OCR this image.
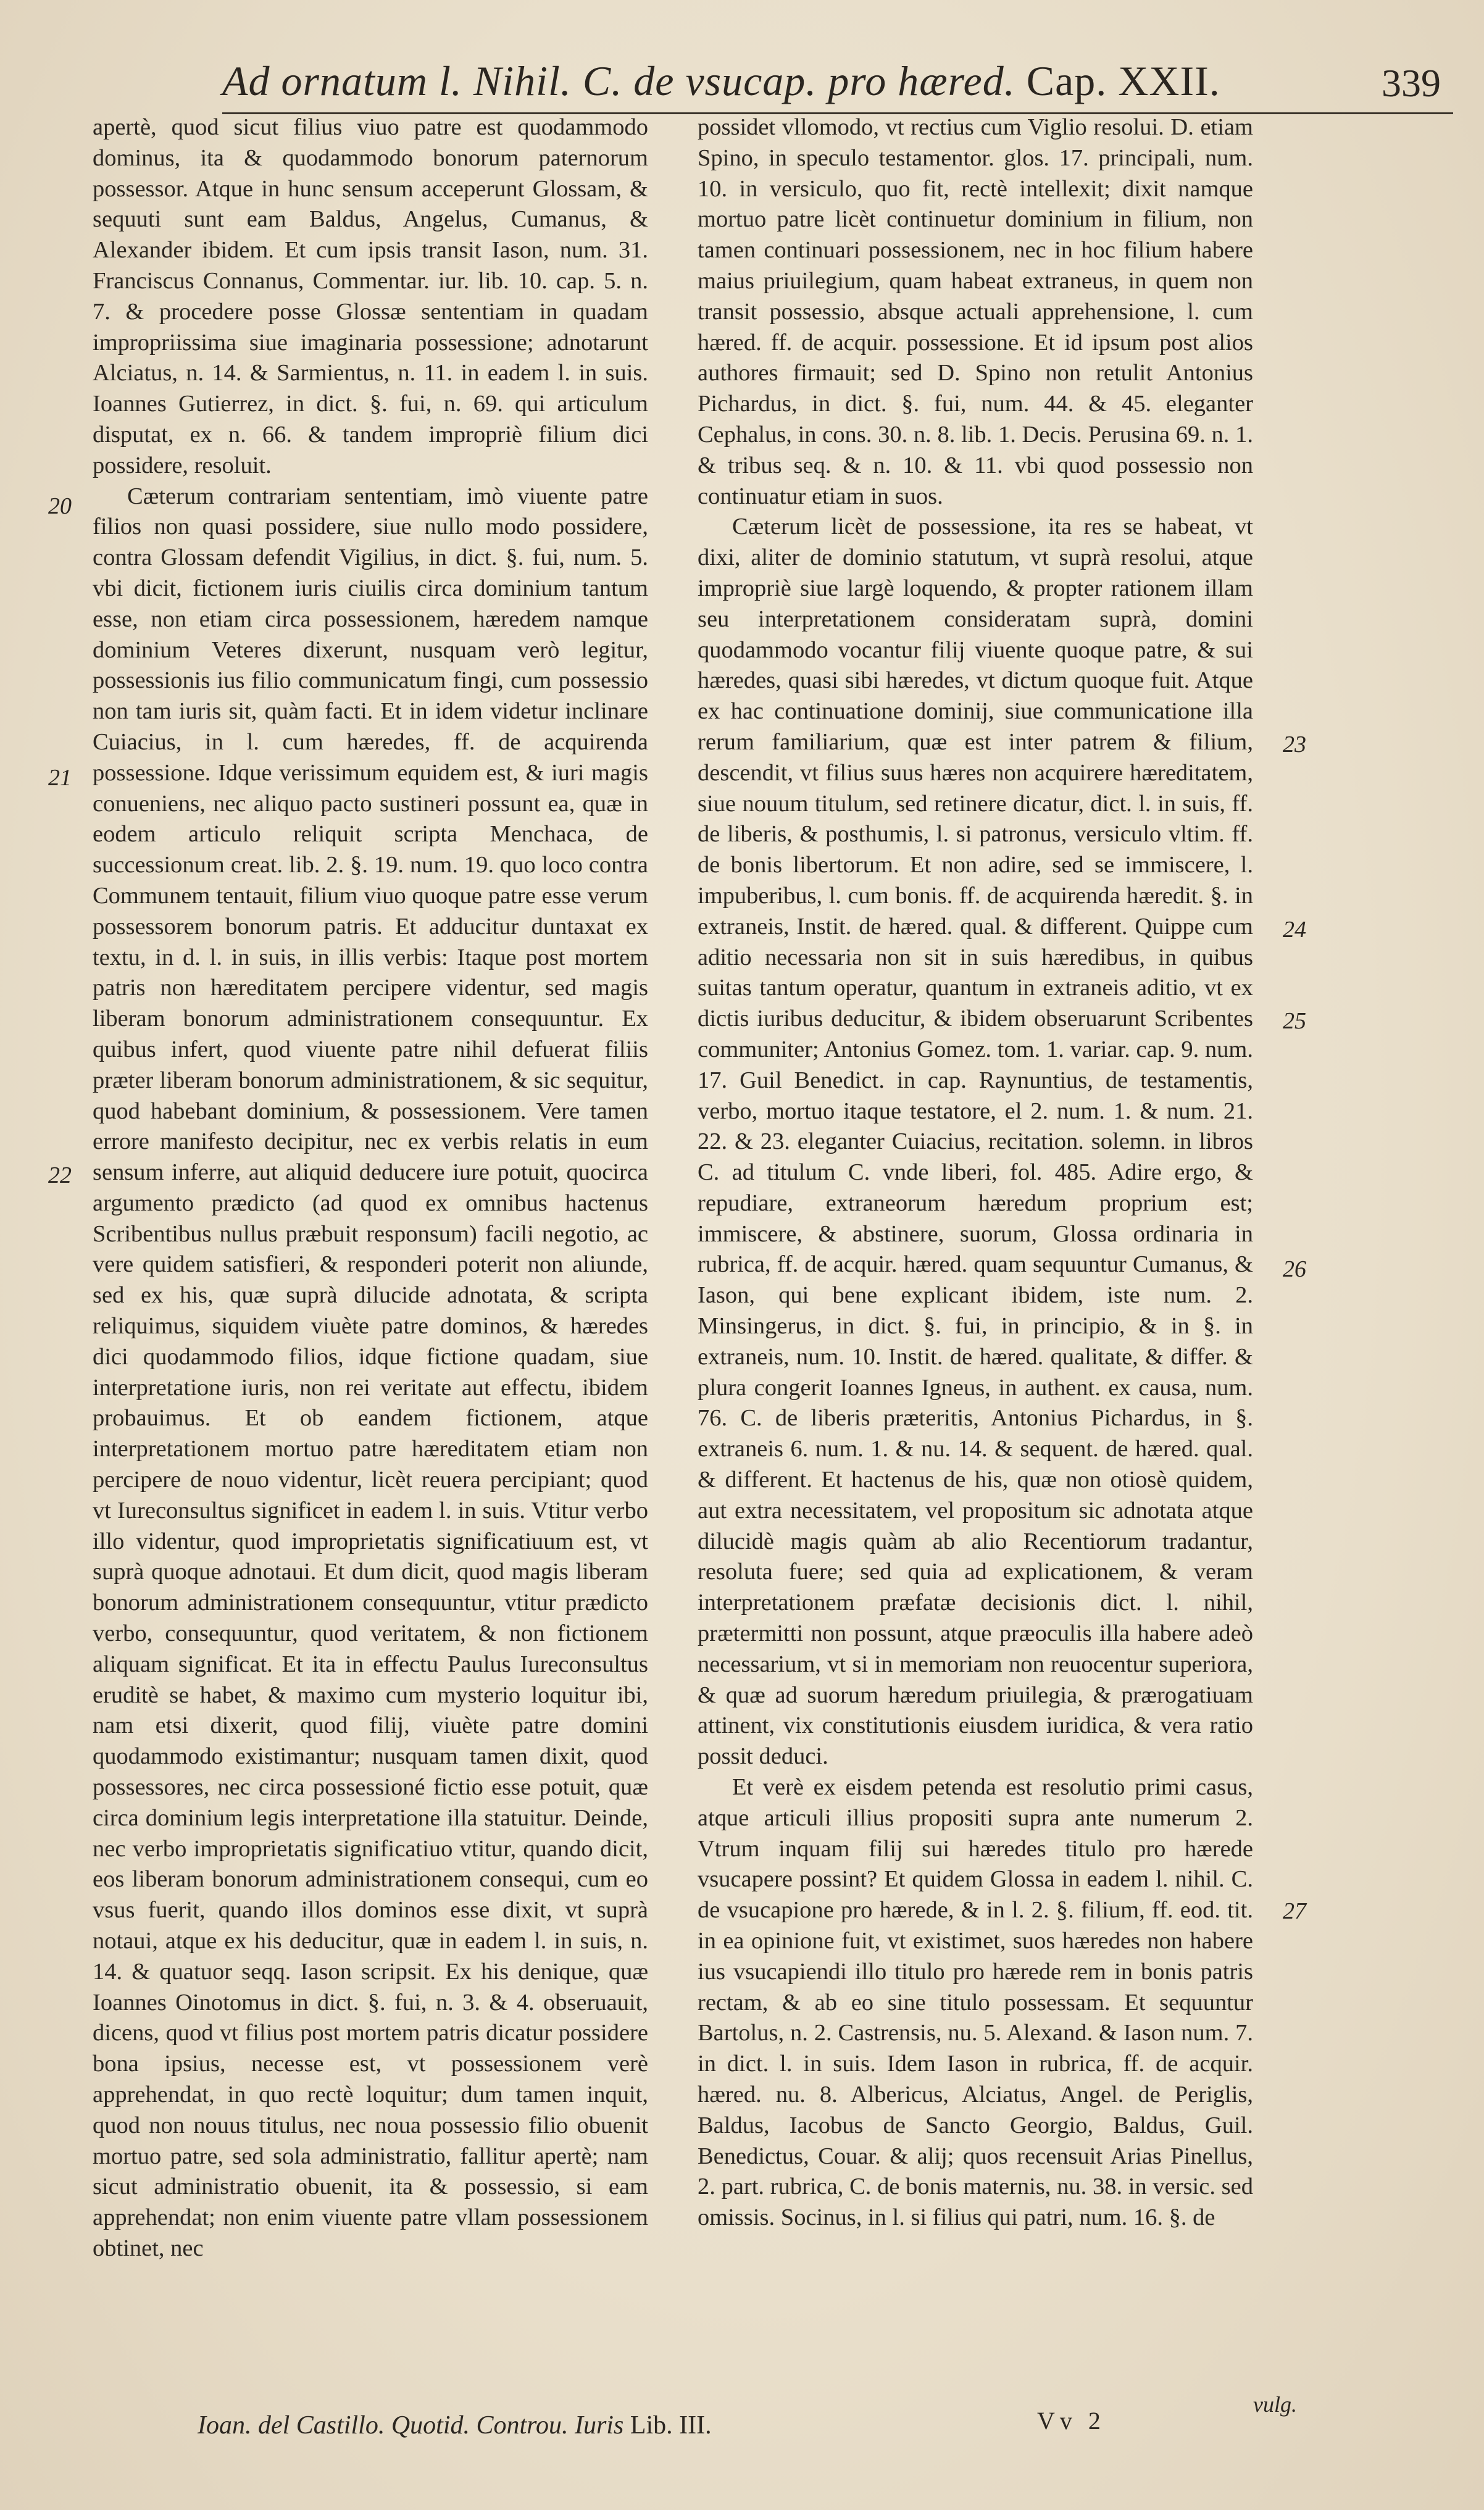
Ad ornatum l. Nihil. C. de vsucap. pro hæred. Cap. XXII.	339

apertè, quod sicut filius viuo patre est quodammodo dominus, ita & quodammodo bonorum paternorum possessor. Atque in hunc sensum acceperunt Glossam, & sequuti sunt eam Baldus, Angelus, Cumanus, & Alexander ibidem. Et cum ipsis transit Iason, num. 31. Franciscus Connanus, Commentar. iur. lib. 10. cap. 5. n. 7. & procedere posse Glossæ sententiam in quadam impropriissima siue imaginaria possessione; adnotarunt Alciatus, n. 14. & Sarmientus, n. 11. in eadem l. in suis. Ioannes Gutierrez, in dict. §. fui, n. 69. qui articulum disputat, ex n. 66. & tandem impropriè filium dici possidere, resoluit.

Cæterum contrariam sententiam, imò viuente patre filios non quasi possidere, siue nullo modo possidere, contra Glossam defendit Vigilius, in dict. §. fui, num. 5. vbi dicit, fictionem iuris ciuilis circa dominium tantum esse, non etiam circa possessionem, hæredem namque dominium Veteres dixerunt, nusquam verò legitur, possessionis ius filio communicatum fingi, cum possessio non tam iuris sit, quàm facti. Et in idem videtur inclinare Cuiacius, in l. cum hæredes, ff. de acquirenda possessione. Idque verissimum equidem est, & iuri magis conueniens, nec aliquo pacto sustineri possunt ea, quæ in eodem articulo reliquit scripta Menchaca, de successionum creat. lib. 2. §. 19. num. 19. quo loco contra Communem tentauit, filium viuo quoque patre esse verum possessorem bonorum patris. Et adducitur duntaxat ex textu, in d. l. in suis, in illis verbis: Itaque post mortem patris non hæreditatem percipere videntur, sed magis liberam bonorum administrationem consequuntur. Ex quibus infert, quod viuente patre nihil defuerat filiis præter liberam bonorum administrationem, & sic sequitur, quod habebant dominium, & possessionem. Vere tamen errore manifesto decipitur, nec ex verbis relatis in eum sensum inferre, aut aliquid deducere iure potuit, quocirca argumento prædicto (ad quod ex omnibus hactenus Scribentibus nullus præbuit responsum) facili negotio, ac vere quidem satisfieri, & responderi poterit non aliunde, sed ex his, quæ suprà dilucide adnotata, & scripta reliquimus, siquidem viuète patre dominos, & hæredes dici quodammodo filios, idque fictione quadam, siue interpretatione iuris, non rei veritate aut effectu, ibidem probauimus. Et ob eandem fictionem, atque interpretationem mortuo patre hæreditatem etiam non percipere de nouo videntur, licèt reuera percipiant; quod vt Iureconsultus significet in eadem l. in suis. Vtitur verbo illo videntur, quod improprietatis significatiuum est, vt suprà quoque adnotaui. Et dum dicit, quod magis liberam bonorum administrationem consequuntur, vtitur prædicto verbo, consequuntur, quod veritatem, & non fictionem aliquam significat. Et ita in effectu Paulus Iureconsultus eruditè se habet, & maximo cum mysterio loquitur ibi, nam etsi dixerit, quod filij, viuète patre domini quodammodo existimantur; nusquam tamen dixit, quod possessores, nec circa possessioné fictio esse potuit, quæ circa dominium legis interpretatione illa statuitur. Deinde, nec verbo improprietatis significatiuo vtitur, quando dicit, eos liberam bonorum administrationem consequi, cum eo vsus fuerit, quando illos dominos esse dixit, vt suprà notaui, atque ex his deducitur, quæ in eadem l. in suis, n. 14. & quatuor seqq. Iason scripsit. Ex his denique, quæ Ioannes Oinotomus in dict. §. fui, n. 3. & 4. obseruauit, dicens, quod vt filius post mortem patris dicatur possidere bona ipsius, necesse est, vt possessionem verè apprehendat, in quo rectè loquitur; dum tamen inquit, quod non nouus titulus, nec noua possessio filio obuenit mortuo patre, sed sola administratio, fallitur apertè; nam sicut administratio obuenit, ita & possessio, si eam apprehendat; non enim viuente patre vllam possessionem obtinet, nec

possidet vllomodo, vt rectius cum Viglio resolui. D. etiam Spino, in speculo testamentor. glos. 17. principali, num. 10. in versiculo, quo fit, rectè intellexit; dixit namque mortuo patre licèt continuetur dominium in filium, non tamen continuari possessionem, nec in hoc filium habere maius priuilegium, quam habeat extraneus, in quem non transit possessio, absque actuali apprehensione, l. cum hæred. ff. de acquir. possessione. Et id ipsum post alios authores firmauit; sed D. Spino non retulit Antonius Pichardus, in dict. §. fui, num. 44. & 45. eleganter Cephalus, in cons. 30. n. 8. lib. 1. Decis. Perusina 69. n. 1. & tribus seq. & n. 10. & 11. vbi quod possessio non continuatur etiam in suos.

Cæterum licèt de possessione, ita res se habeat, vt dixi, aliter de dominio statutum, vt suprà resolui, atque impropriè siue largè loquendo, & propter rationem illam seu interpretationem consideratam suprà, domini quodammodo vocantur filij viuente quoque patre, & sui hæredes, quasi sibi hæredes, vt dictum quoque fuit. Atque ex hac continuatione dominij, siue communicatione illa rerum familiarium, quæ est inter patrem & filium, descendit, vt filius suus hæres non acquirere hæreditatem, siue nouum titulum, sed retinere dicatur, dict. l. in suis, ff. de liberis, & posthumis, l. si patronus, versiculo vltim. ff. de bonis libertorum. Et non adire, sed se immiscere, l. impuberibus, l. cum bonis. ff. de acquirenda hæredit. §. in extraneis, Instit. de hæred. qual. & different. Quippe cum aditio necessaria non sit in suis hæredibus, in quibus suitas tantum operatur, quantum in extraneis aditio, vt ex dictis iuribus deducitur, & ibidem obseruarunt Scribentes communiter; Antonius Gomez. tom. 1. variar. cap. 9. num. 17. Guil Benedict. in cap. Raynuntius, de testamentis, verbo, mortuo itaque testatore, el 2. num. 1. & num. 21. 22. & 23. eleganter Cuiacius, recitation. solemn. in libros C. ad titulum C. vnde liberi, fol. 485. Adire ergo, & repudiare, extraneorum hæredum proprium est; immiscere, & abstinere, suorum, Glossa ordinaria in rubrica, ff. de acquir. hæred. quam sequuntur Cumanus, & Iason, qui bene explicant ibidem, iste num. 2. Minsingerus, in dict. §. fui, in principio, & in §. in extraneis, num. 10. Instit. de hæred. qualitate, & differ. & plura congerit Ioannes Igneus, in authent. ex causa, num. 76. C. de liberis præteritis, Antonius Pichardus, in §. extraneis 6. num. 1. & nu. 14. & sequent. de hæred. qual. & different. Et hactenus de his, quæ non otiosè quidem, aut extra necessitatem, vel propositum sic adnotata atque dilucidè magis quàm ab alio Recentiorum tradantur, resoluta fuere; sed quia ad explicationem, & veram interpretationem præfatæ decisionis dict. l. nihil, prætermitti non possunt, atque præoculis illa habere adeò necessarium, vt si in memoriam non reuocentur superiora, & quæ ad suorum hæredum priuilegia, & prærogatiuam attinent, vix constitutionis eiusdem iuridica, & vera ratio possit deduci.

Et verè ex eisdem petenda est resolutio primi casus, atque articuli illius propositi supra ante numerum 2. Vtrum inquam filij sui hæredes titulo pro hærede vsucapere possint? Et quidem Glossa in eadem l. nihil. C. de vsucapione pro hærede, & in l. 2. §. filium, ff. eod. tit. in ea opinione fuit, vt existimet, suos hæredes non habere ius vsucapiendi illo titulo pro hærede rem in bonis patris rectam, & ab eo sine titulo possessam. Et sequuntur Bartolus, n. 2. Castrensis, nu. 5. Alexand. & Iason num. 7. in dict. l. in suis. Idem Iason in rubrica, ff. de acquir. hæred. nu. 8. Albericus, Alciatus, Angel. de Periglis, Baldus, Iacobus de Sancto Georgio, Baldus, Guil. Benedictus, Couar. & alij; quos recensuit Arias Pinellus, 2. part. rubrica, C. de bonis maternis, nu. 38. in versic. sed omissis. Socinus, in l. si filius qui patri, num. 16. §. de

20
21
22
23
24
25
26
27
Ioan. del Castillo. Quotid. Controu. Iuris Lib. III.	Vv 2
vulg.
